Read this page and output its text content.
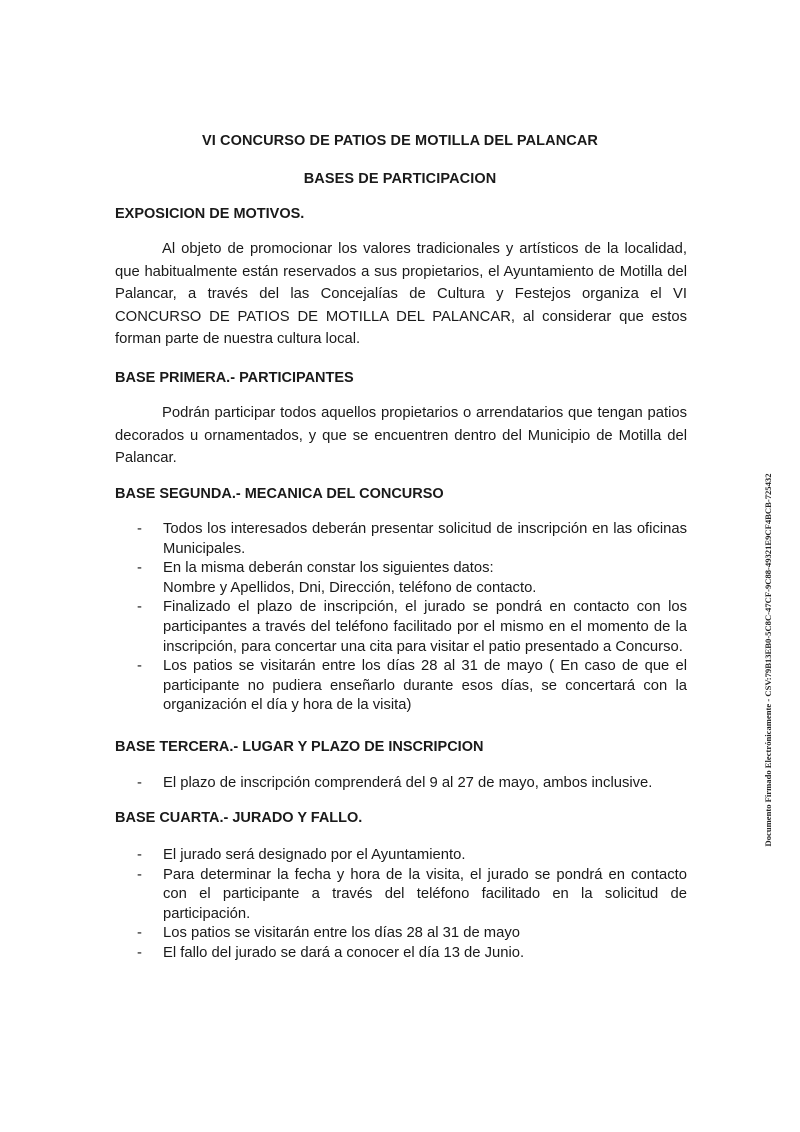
VI CONCURSO DE PATIOS DE MOTILLA DEL PALANCAR
BASES DE PARTICIPACION
EXPOSICION DE MOTIVOS.

Al objeto de promocionar los valores tradicionales y artísticos de la localidad, que habitualmente están reservados a sus propietarios, el Ayuntamiento de Motilla del Palancar, a través del las Concejalías de Cultura y Festejos organiza el VI CONCURSO DE PATIOS DE MOTILLA DEL PALANCAR, al considerar que estos forman parte de nuestra cultura local.

BASE PRIMERA.- PARTICIPANTES

Podrán participar todos aquellos propietarios o arrendatarios que tengan patios decorados u ornamentados, y que se encuentren dentro del Municipio de Motilla del Palancar.

BASE SEGUNDA.- MECANICA DEL CONCURSO
- Todos los interesados deberán presentar solicitud de inscripción en las oficinas Municipales.
- En la misma deberán constar los siguientes datos:
Nombre y Apellidos, Dni, Dirección, teléfono de contacto.
- Finalizado el plazo de inscripción, el jurado se pondrá en contacto con los participantes a través del teléfono facilitado por el mismo en el momento de la inscripción, para concertar una cita para visitar el patio presentado a Concurso.
- Los patios se visitarán entre los días 28 al 31 de mayo ( En caso de que el participante no pudiera enseñarlo durante esos días, se concertará con la organización el día y hora de la visita)
BASE TERCERA.- LUGAR Y PLAZO DE INSCRIPCION
- El plazo de inscripción comprenderá del 9 al 27 de mayo, ambos inclusive.
BASE CUARTA.- JURADO Y FALLO.
- El jurado será designado por el Ayuntamiento.
- Para determinar la fecha y hora de la visita, el jurado se pondrá en contacto con el participante a través del teléfono facilitado en la solicitud de participación.
- Los patios se visitarán entre los días 28 al 31 de mayo
- El fallo del jurado se dará a conocer el día 13 de Junio.
Documento Firmado Electrónicamente - CSV:79B13EB0-5C8C-47CF-9C88-49321E9CF4BCB-725432
